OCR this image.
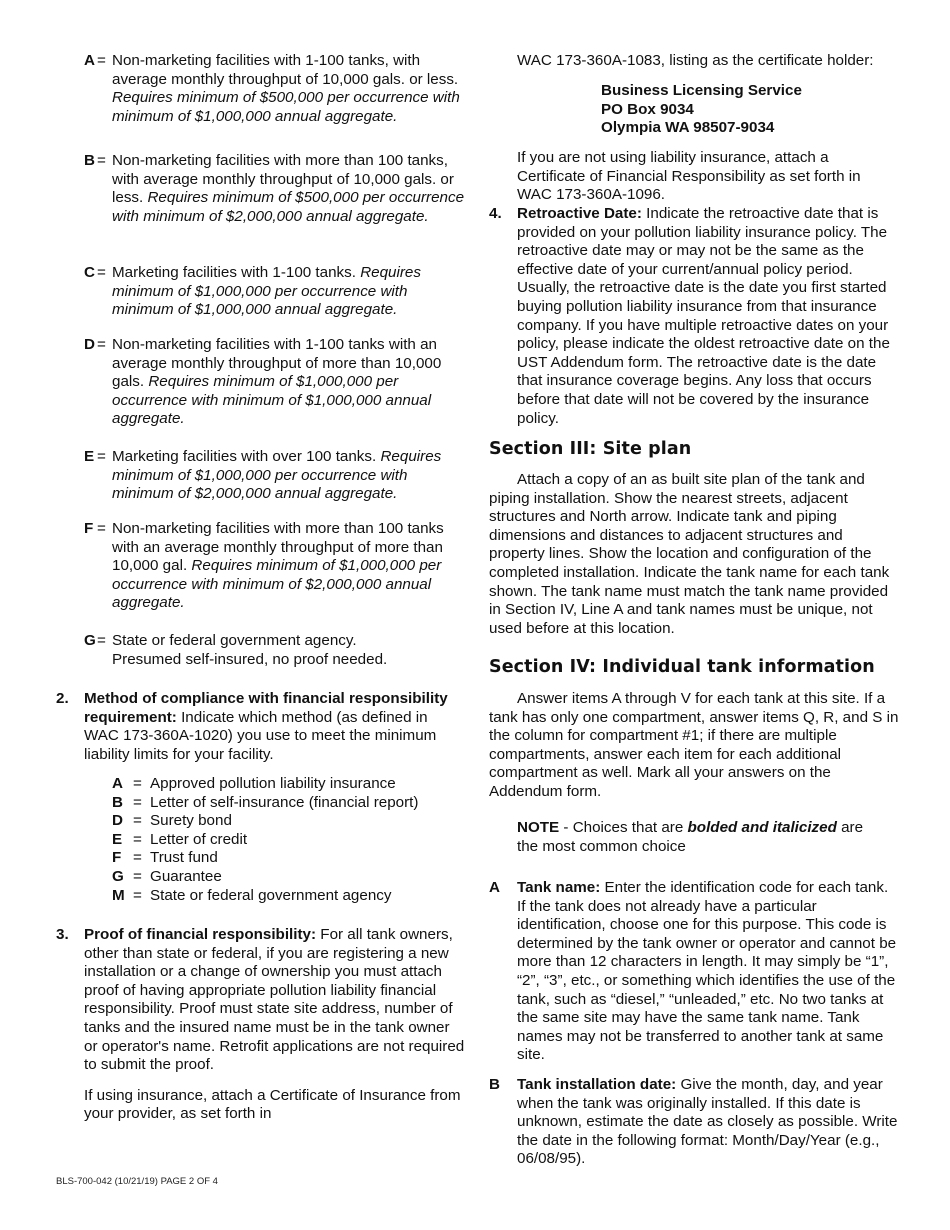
A = Non-marketing facilities with 1-100 tanks, with average monthly throughput of 10,000 gals. or less. Requires minimum of $500,000 per occurrence with minimum of $1,000,000 annual aggregate.
B = Non-marketing facilities with more than 100 tanks, with average monthly throughput of 10,000 gals. or less. Requires minimum of $500,000 per occurrence with minimum of $2,000,000 annual aggregate.
C = Marketing facilities with 1-100 tanks. Requires minimum of $1,000,000 per occurrence with minimum of $1,000,000 annual aggregate.
D = Non-marketing facilities with 1-100 tanks with an average monthly throughput of more than 10,000 gals. Requires minimum of $1,000,000 per occurrence with minimum of $1,000,000 annual aggregate.
E = Marketing facilities with over 100 tanks. Requires minimum of $1,000,000 per occurrence with minimum of $2,000,000 annual aggregate.
F = Non-marketing facilities with more than 100 tanks with an average monthly throughput of more than 10,000 gal. Requires minimum of $1,000,000 per occurrence with minimum of $2,000,000 annual aggregate.
G = State or federal government agency. Presumed self-insured, no proof needed.
2. Method of compliance with financial responsibility requirement: Indicate which method (as defined in WAC 173-360A-1020) you use to meet the minimum liability limits for your facility.
A = Approved pollution liability insurance
B = Letter of self-insurance (financial report)
D = Surety bond
E = Letter of credit
F = Trust fund
G = Guarantee
M = State or federal government agency
3. Proof of financial responsibility: For all tank owners, other than state or federal, if you are registering a new installation or a change of ownership you must attach proof of having appropriate pollution liability financial responsibility. Proof must state site address, number of tanks and the insured name must be in the tank owner or operator's name. Retrofit applications are not required to submit the proof.
If using insurance, attach a Certificate of Insurance from your provider, as set forth in
WAC 173-360A-1083, listing as the certificate holder:
Business Licensing Service
PO Box 9034
Olympia WA 98507-9034
If you are not using liability insurance, attach a Certificate of Financial Responsibility as set forth in WAC 173-360A-1096.
4. Retroactive Date: Indicate the retroactive date that is provided on your pollution liability insurance policy. The retroactive date may or may not be the same as the effective date of your current/annual policy period. Usually, the retroactive date is the date you first started buying pollution liability insurance from that insurance company. If you have multiple retroactive dates on your policy, please indicate the oldest retroactive date on the UST Addendum form. The retroactive date is the date that insurance coverage begins. Any loss that occurs before that date will not be covered by the insurance policy.
Section III: Site plan
Attach a copy of an as built site plan of the tank and piping installation. Show the nearest streets, adjacent structures and North arrow. Indicate tank and piping dimensions and distances to adjacent structures and property lines. Show the location and configuration of the completed installation. Indicate the tank name for each tank shown. The tank name must match the tank name provided in Section IV, Line A and tank names must be unique, not used before at this location.
Section IV: Individual tank information
Answer items A through V for each tank at this site. If a tank has only one compartment, answer items Q, R, and S in the column for compartment #1; if there are multiple compartments, answer each item for each additional compartment as well. Mark all your answers on the Addendum form.
NOTE - Choices that are bolded and italicized are the most common choice
A Tank name: Enter the identification code for each tank. If the tank does not already have a particular identification, choose one for this purpose. This code is determined by the tank owner or operator and cannot be more than 12 characters in length. It may simply be “1”, “2”, “3”, etc., or something which identifies the use of the tank, such as “diesel,” “unleaded,” etc. No two tanks at the same site may have the same tank name. Tank names may not be transferred to another tank at same site.
B Tank installation date: Give the month, day, and year when the tank was originally installed. If this date is unknown, estimate the date as closely as possible. Write the date in the following format: Month/Day/Year (e.g., 06/08/95).
BLS-700-042 (10/21/19) PAGE 2 OF 4
